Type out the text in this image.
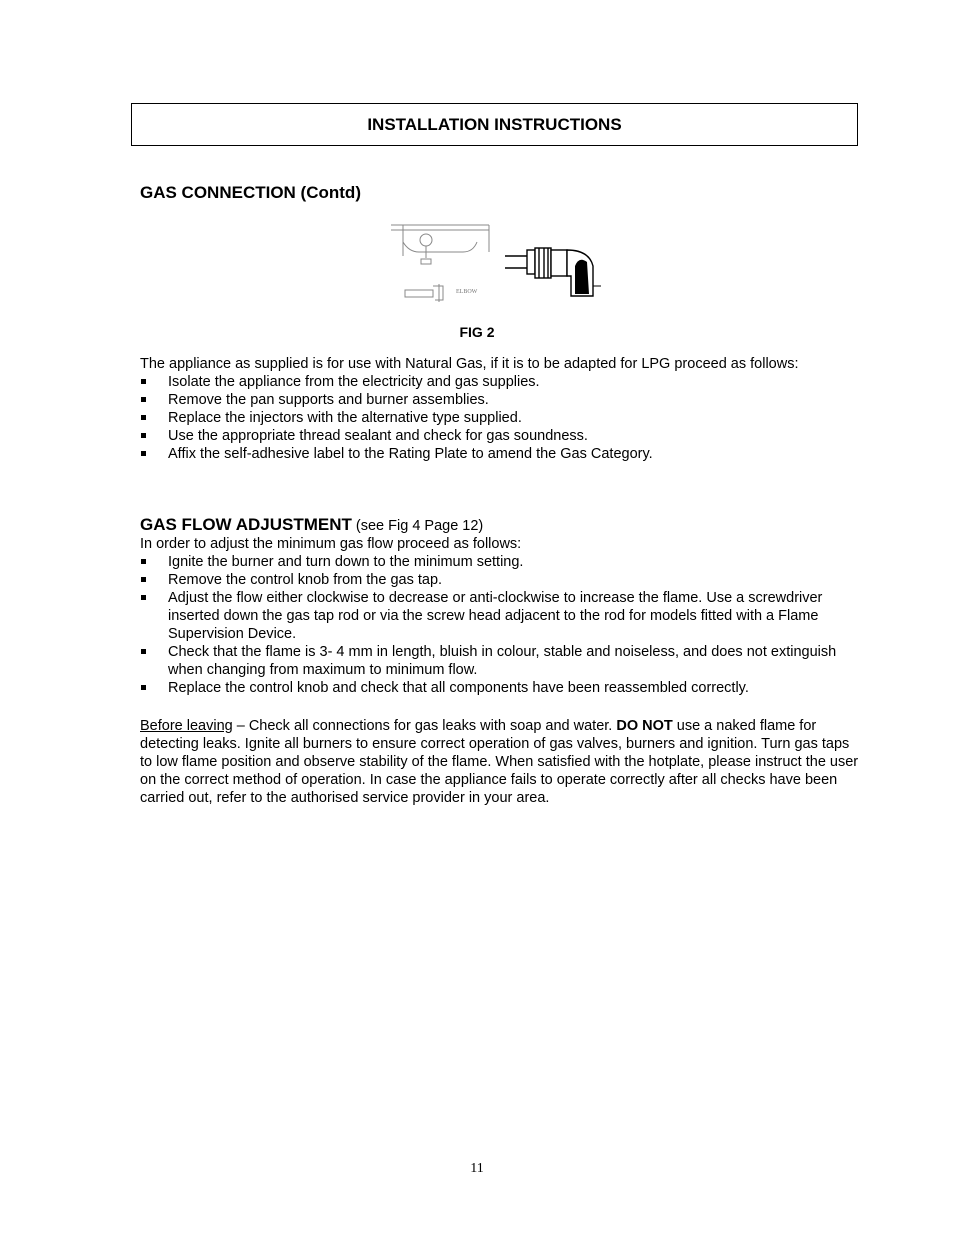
INSTALLATION INSTRUCTIONS
GAS CONNECTION (Contd)
ELBOW
FIG 2
The appliance as supplied is for use with Natural Gas, if it is to be adapted for LPG proceed as follows:
Isolate the appliance from the electricity and gas supplies.
Remove the pan supports and burner assemblies.
Replace the injectors with the alternative type supplied.
Use the appropriate thread sealant and check for gas soundness.
Affix the self-adhesive label to the Rating Plate to amend the Gas Category.
GAS FLOW ADJUSTMENT (see Fig 4 Page 12)
In order to adjust the minimum gas flow proceed as follows:
Ignite the burner and turn down to the minimum setting.
Remove the control knob from the gas tap.
Adjust the flow either clockwise to decrease or anti-clockwise to increase the flame. Use a screwdriver inserted down the gas tap rod or via the screw head adjacent to the rod for models fitted with a Flame Supervision Device.
Check that the flame is 3- 4 mm in length, bluish in colour, stable and noiseless, and does not extinguish when changing from maximum to minimum flow.
Replace the control knob and check that all components have been reassembled correctly.
Before leaving – Check all connections for gas leaks with soap and water. DO NOT use a naked flame for detecting leaks. Ignite all burners to ensure correct operation of gas valves, burners and ignition. Turn gas taps to low flame position and observe stability of the flame. When satisfied with the hotplate, please instruct the user on the correct method of operation. In case the appliance fails to operate correctly after all checks have been carried out, refer to the authorised service provider in your area.
11
